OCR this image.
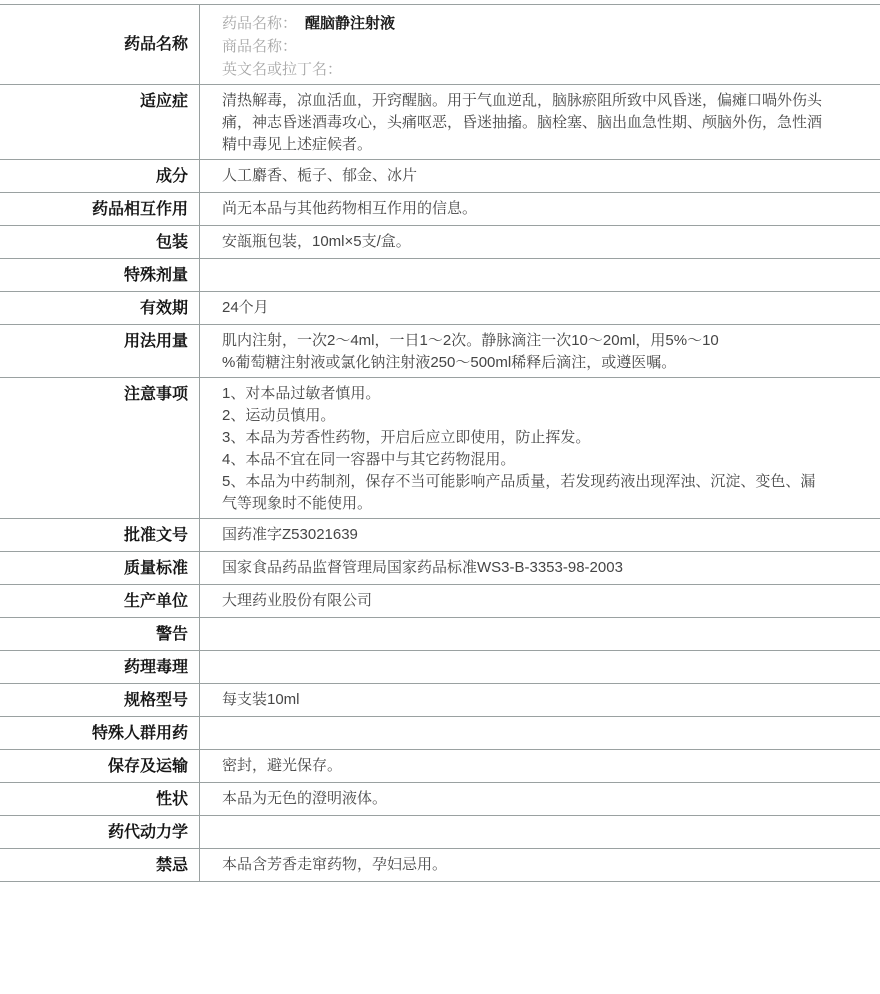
药品名称
药品名称： 醒脑静注射液
商品名称：
英文名或拉丁名：
适应症	清热解毒，凉血活血，开窍醒脑。用于气血逆乱，脑脉瘀阻所致中风昏迷，偏瘫口喎外伤头
痛，神志昏迷酒毒攻心，头痛呕恶，昏迷抽搐。脑栓塞、脑出血急性期、颅脑外伤，急性酒
精中毒见上述症候者。
成分	人工麝香、栀子、郁金、冰片
药品相互作用	尚无本品与其他药物相互作用的信息。
包装	安瓿瓶包装，10ml×5支/盒。
特殊剂量
有效期	24个月
用法用量	肌内注射，一次2～4ml，一日1～2次。静脉滴注一次10～20ml，用5%～10
%葡萄糖注射液或氯化钠注射液250～500ml稀释后滴注，或遵医嘱。
注意事项	1、对本品过敏者慎用。
2、运动员慎用。
3、本品为芳香性药物，开启后应立即使用，防止挥发。
4、本品不宜在同一容器中与其它药物混用。
5、本品为中药制剂，保存不当可能影响产品质量，若发现药液出现浑浊、沉淀、变色、漏
气等现象时不能使用。
批准文号	国药准字Z53021639
质量标准	国家食品药品监督管理局国家药品标准WS3-B-3353-98-2003
生产单位	大理药业股份有限公司
警告
药理毒理
规格型号	每支装10ml
特殊人群用药
保存及运输	密封，避光保存。
性状	本品为无色的澄明液体。
药代动力学
禁忌	本品含芳香走窜药物，孕妇忌用。
